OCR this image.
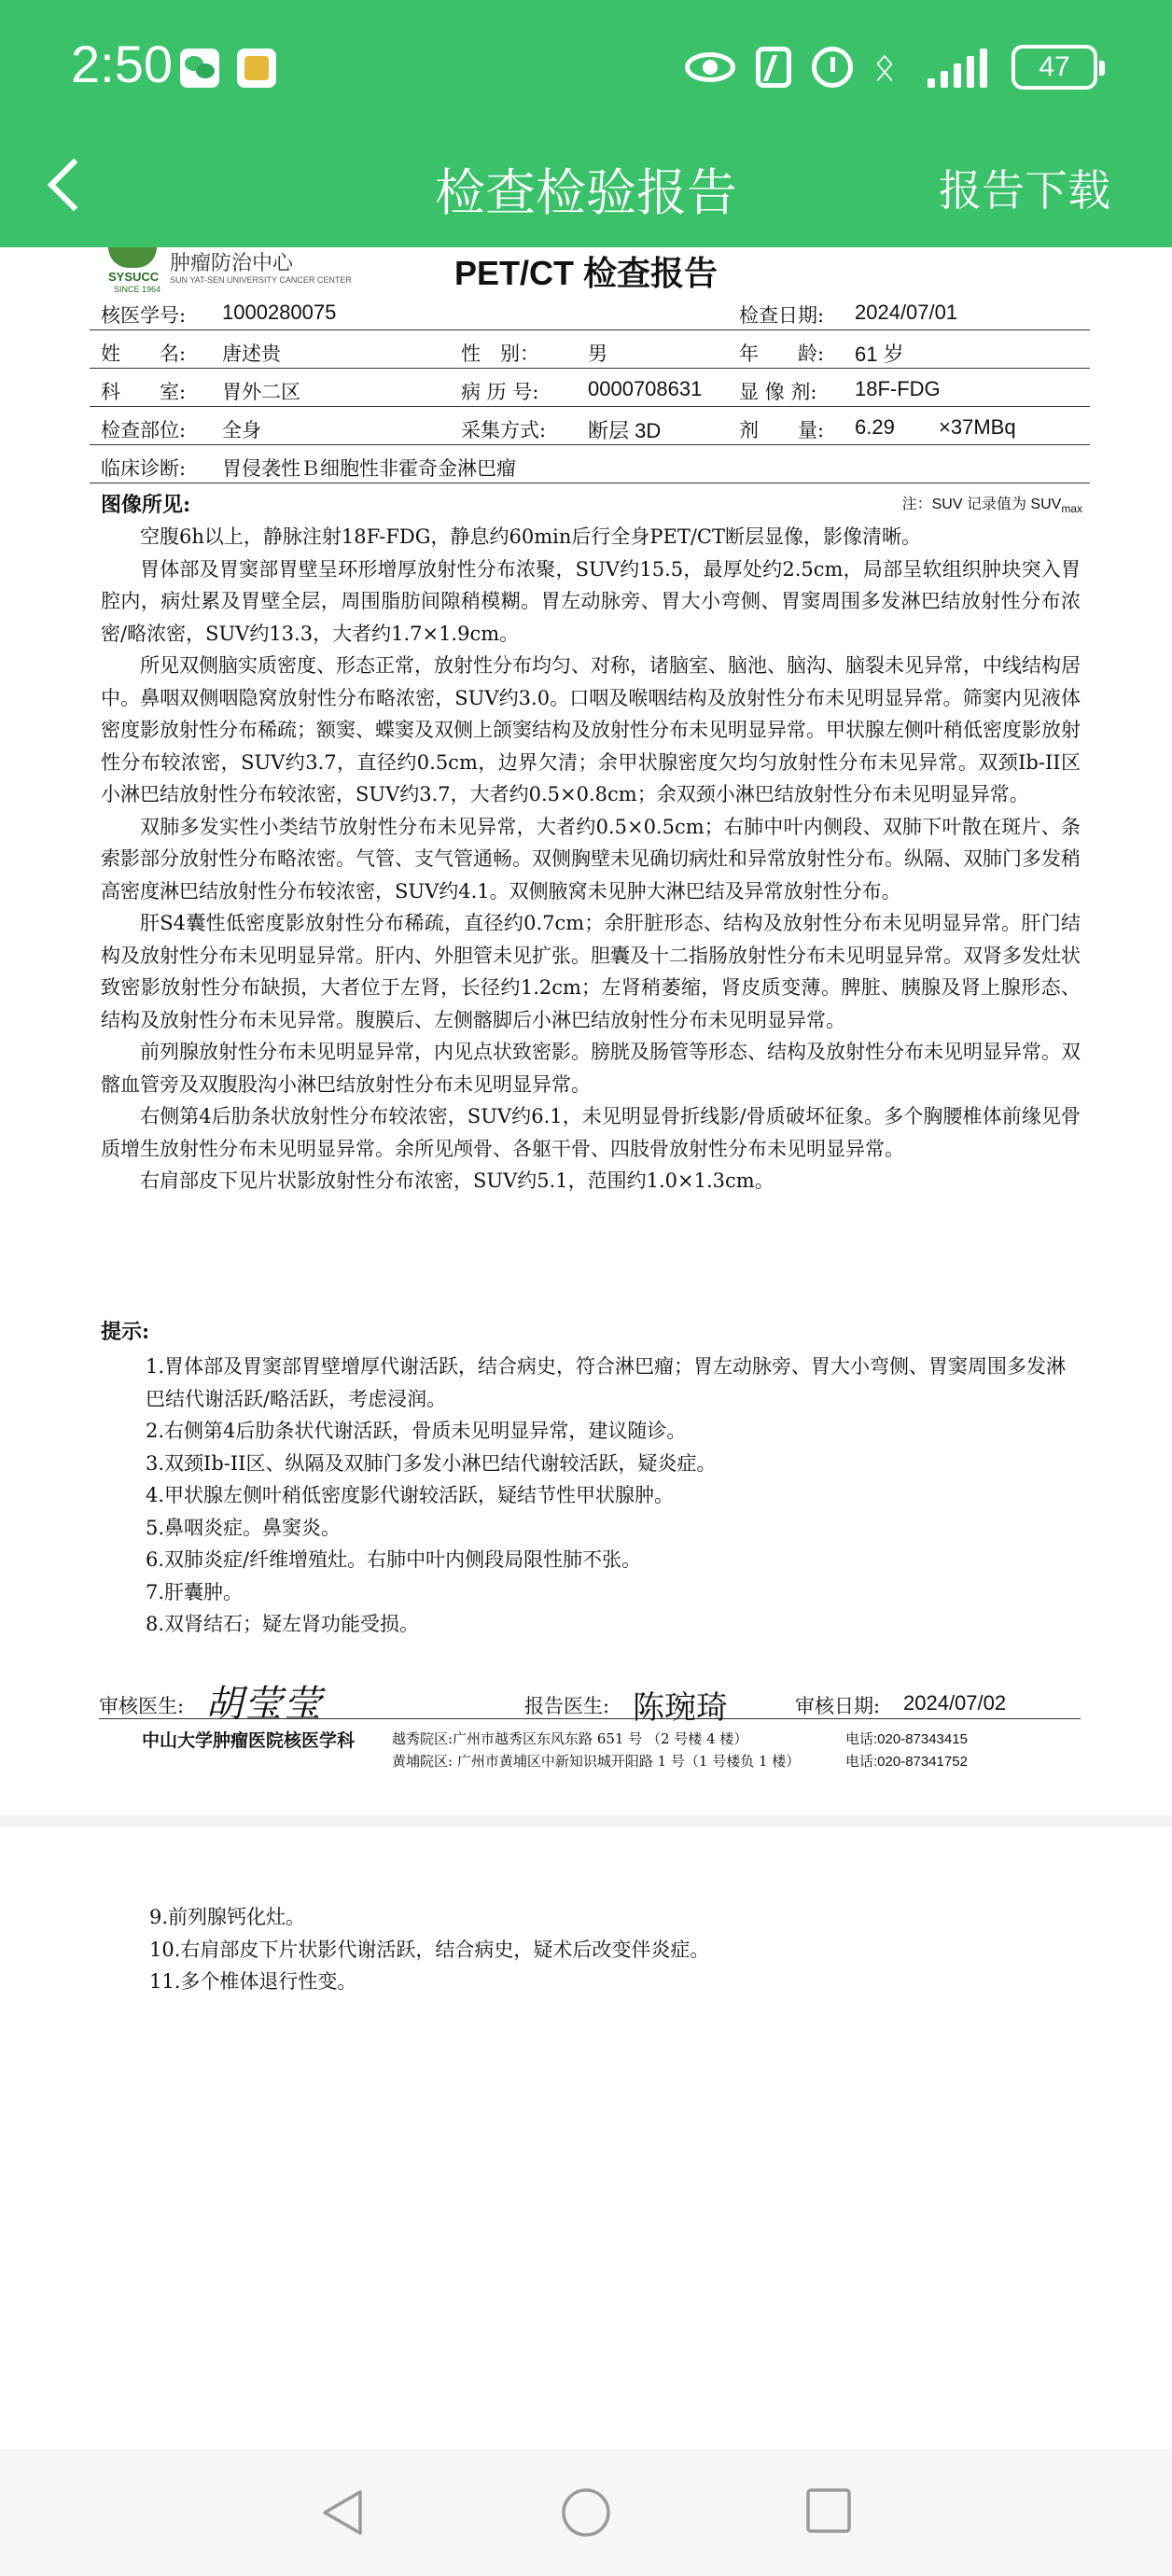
2:50	ᛟ	47
检查检验报告	报告下载
肿瘤防治中心
SYSUCC
SINCE 1964
SUN YAT-SEN UNIVERSITY CANCER CENTER	PET/CT 检查报告
核医学号: 1000280075	检查日期: 2024/07/01
姓　　名: 唐述贵	性　别： 男	年　　龄: 61 岁
科　　室: 胃外二区	病 历 号: 0000708631 显 像 剂: 18F-FDG
检查部位: 全身	采集方式: 断层 3D	剂　　量: 6.29 ×37MBq
临床诊断: 胃侵袭性Ｂ细胞性非霍奇金淋巴瘤
图像所见:	注：SUV 记录值为 $SUV_{max}$

空腹6h以上，静脉注射18F-FDG，静息约60min后行全身PET/CT断层显像，影像清晰。

胃体部及胃窦部胃壁呈环形增厚放射性分布浓聚，SUV约15.5，最厚处约2.5cm，局部呈软组织肿块突入胃腔内，病灶累及胃壁全层，周围脂肪间隙稍模糊。胃左动脉旁、胃大小弯侧、胃窦周围多发淋巴结放射性分布浓密/略浓密，SUV约13.3，大者约1.7×1.9cm。

所见双侧脑实质密度、形态正常，放射性分布均匀、对称，诸脑室、脑池、脑沟、脑裂未见异常，中线结构居中。鼻咽双侧咽隐窝放射性分布略浓密，SUV约3.0。口咽及喉咽结构及放射性分布未见明显异常。筛窦内见液体密度影放射性分布稀疏；额窦、蝶窦及双侧上颌窦结构及放射性分布未见明显异常。甲状腺左侧叶稍低密度影放射性分布较浓密，SUV约3.7，直径约0.5cm，边界欠清；余甲状腺密度欠均匀放射性分布未见异常。双颈Ib-II区小淋巴结放射性分布较浓密，SUV约3.7，大者约0.5×0.8cm；余双颈小淋巴结放射性分布未见明显异常。

双肺多发实性小类结节放射性分布未见异常，大者约0.5×0.5cm；右肺中叶内侧段、双肺下叶散在斑片、条索影部分放射性分布略浓密。气管、支气管通畅。双侧胸壁未见确切病灶和异常放射性分布。纵隔、双肺门多发稍高密度淋巴结放射性分布较浓密，SUV约4.1。双侧腋窝未见肿大淋巴结及异常放射性分布。

肝S4囊性低密度影放射性分布稀疏，直径约0.7cm；余肝脏形态、结构及放射性分布未见明显异常。肝门结构及放射性分布未见明显异常。肝内、外胆管未见扩张。胆囊及十二指肠放射性分布未见明显异常。双肾多发灶状致密影放射性分布缺损，大者位于左肾，长径约1.2cm；左肾稍萎缩，肾皮质变薄。脾脏、胰腺及肾上腺形态、结构及放射性分布未见异常。腹膜后、左侧髂脚后小淋巴结放射性分布未见明显异常。

前列腺放射性分布未见明显异常，内见点状致密影。膀胱及肠管等形态、结构及放射性分布未见明显异常。双髂血管旁及双腹股沟小淋巴结放射性分布未见明显异常。

右侧第4后肋条状放射性分布较浓密，SUV约6.1，未见明显骨折线影/骨质破坏征象。多个胸腰椎体前缘见骨质增生放射性分布未见明显异常。余所见颅骨、各躯干骨、四肢骨放射性分布未见明显异常。

右肩部皮下见片状影放射性分布浓密，SUV约5.1，范围约1.0×1.3cm。

提示:
1.胃体部及胃窦部胃壁增厚代谢活跃，结合病史，符合淋巴瘤；胃左动脉旁、胃大小弯侧、胃窦周围多发淋巴结代谢活跃/略活跃，考虑浸润。
2.右侧第4后肋条状代谢活跃，骨质未见明显异常，建议随诊。
3.双颈Ib-II区、纵隔及双肺门多发小淋巴结代谢较活跃，疑炎症。
4.甲状腺左侧叶稍低密度影代谢较活跃，疑结节性甲状腺肿。
5.鼻咽炎症。鼻窦炎。
6.双肺炎症/纤维增殖灶。右肺中叶内侧段局限性肺不张。
7.肝囊肿。
8.双肾结石；疑左肾功能受损。
审核医生: 胡莹莹	报告医生: 陈琬琦	审核日期: 2024/07/02
中山大学肿瘤医院核医学科	越秀院区:广州市越秀区东风东路 651 号 （2 号楼 4 楼）	电话:020-87343415
黄埔院区: 广州市黄埔区中新知识城开阳路 1 号（1 号楼负 1 楼）	电话:020-87341752
9.前列腺钙化灶。
10.右肩部皮下片状影代谢活跃，结合病史，疑术后改变伴炎症。
11.多个椎体退行性变。
